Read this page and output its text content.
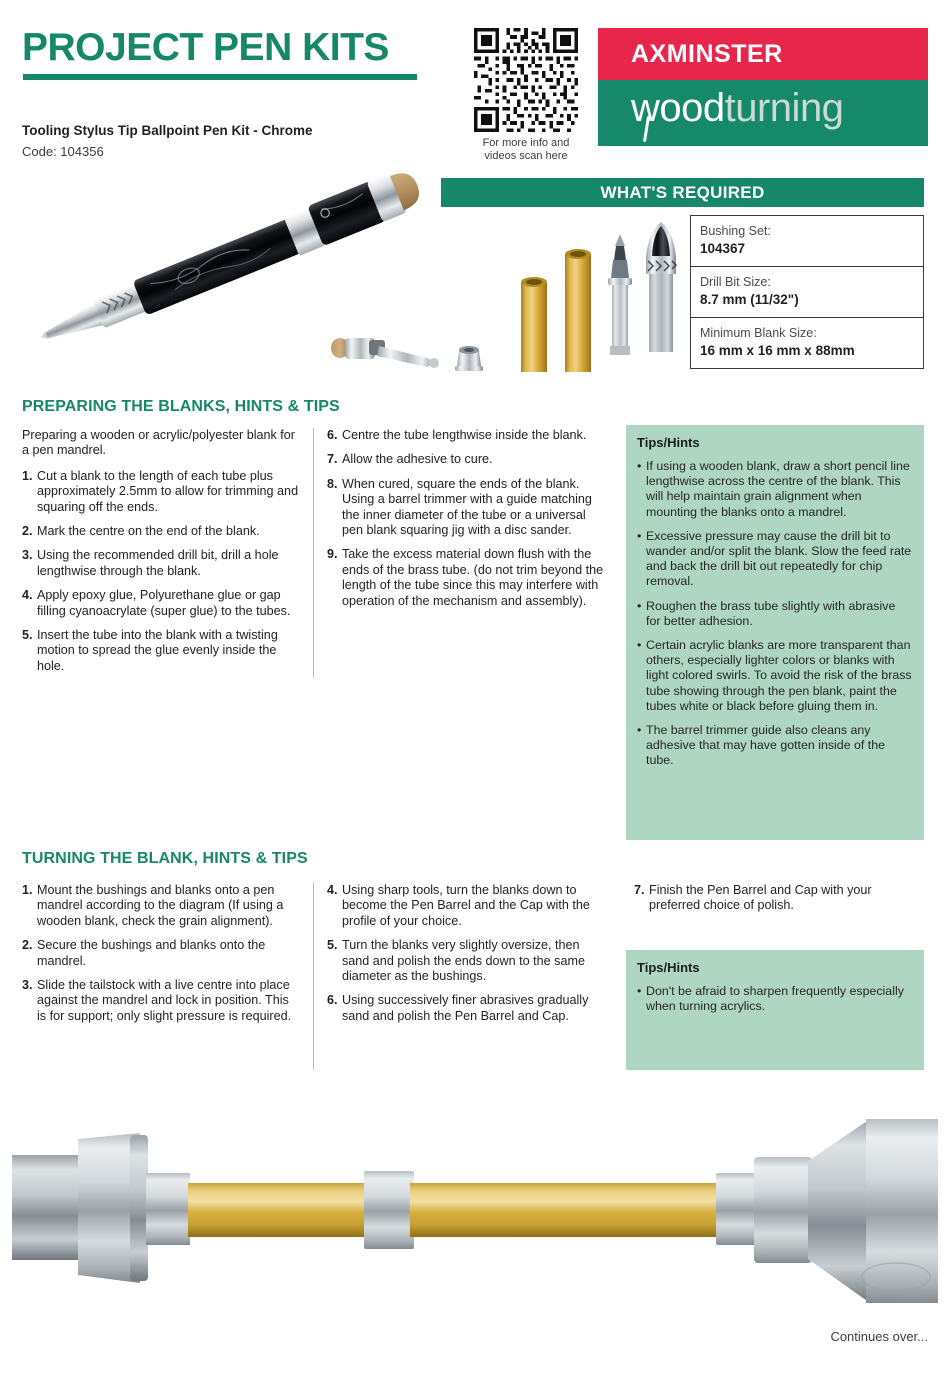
PROJECT PEN KITS
For more info and
videos scan here
AXMINSTER
woodturning
Tooling Stylus Tip Ballpoint Pen Kit - Chrome
Code: 104356
WHAT'S REQUIRED
Bushing Set:
104367
Drill Bit Size:
8.7 mm (11/32")
Minimum Blank Size:
16 mm x 16 mm x 88mm
PREPARING THE BLANKS, HINTS & TIPS

Preparing a wooden or acrylic/polyester blank for a pen mandrel.

1. Cut a blank to the length of each tube plus approximately 2.5mm to allow for trimming and squaring off the ends.
2. Mark the centre on the end of the blank.
3. Using the recommended drill bit, drill a hole lengthwise through the blank.
4. Apply epoxy glue, Polyurethane glue or gap filling cyanoacrylate (super glue) to the tubes.
5. Insert the tube into the blank with a twisting motion to spread the glue evenly inside the hole.
6. Centre the tube lengthwise inside the blank.
7. Allow the adhesive to cure.
8. When cured, square the ends of the blank. Using a barrel trimmer with a guide matching the inner diameter of the tube or a universal pen blank squaring jig with a disc sander.
9. Take the excess material down flush with the ends of the brass tube. (do not trim beyond the length of the tube since this may interfere with operation of the mechanism and assembly).
Tips/Hints
• If using a wooden blank, draw a short pencil line lengthwise across the centre of the blank. This will help maintain grain alignment when mounting the blanks onto a mandrel.
• Excessive pressure may cause the drill bit to wander and/or split the blank. Slow the feed rate and back the drill bit out repeatedly for chip removal.
• Roughen the brass tube slightly with abrasive for better adhesion.
• Certain acrylic blanks are more transparent than others, especially lighter colors or blanks with light colored swirls. To avoid the risk of the brass tube showing through the pen blank, paint the tubes white or black before gluing them in.
• The barrel trimmer guide also cleans any adhesive that may have gotten inside of the tube.
TURNING THE BLANK, HINTS & TIPS
1. Mount the bushings and blanks onto a pen mandrel according to the diagram (If using a wooden blank, check the grain alignment).
2. Secure the bushings and blanks onto the mandrel.
3. Slide the tailstock with a live centre into place against the mandrel and lock in position. This is for support; only slight pressure is required.
4. Using sharp tools, turn the blanks down to become the Pen Barrel and the Cap with the profile of your choice.
5. Turn the blanks very slightly oversize, then sand and polish the ends down to the same diameter as the bushings.
6. Using successively finer abrasives gradually sand and polish the Pen Barrel and Cap.
7. Finish the Pen Barrel and Cap with your preferred choice of polish.
Tips/Hints
• Don't be afraid to sharpen frequently especially when turning acrylics.
Continues over...
